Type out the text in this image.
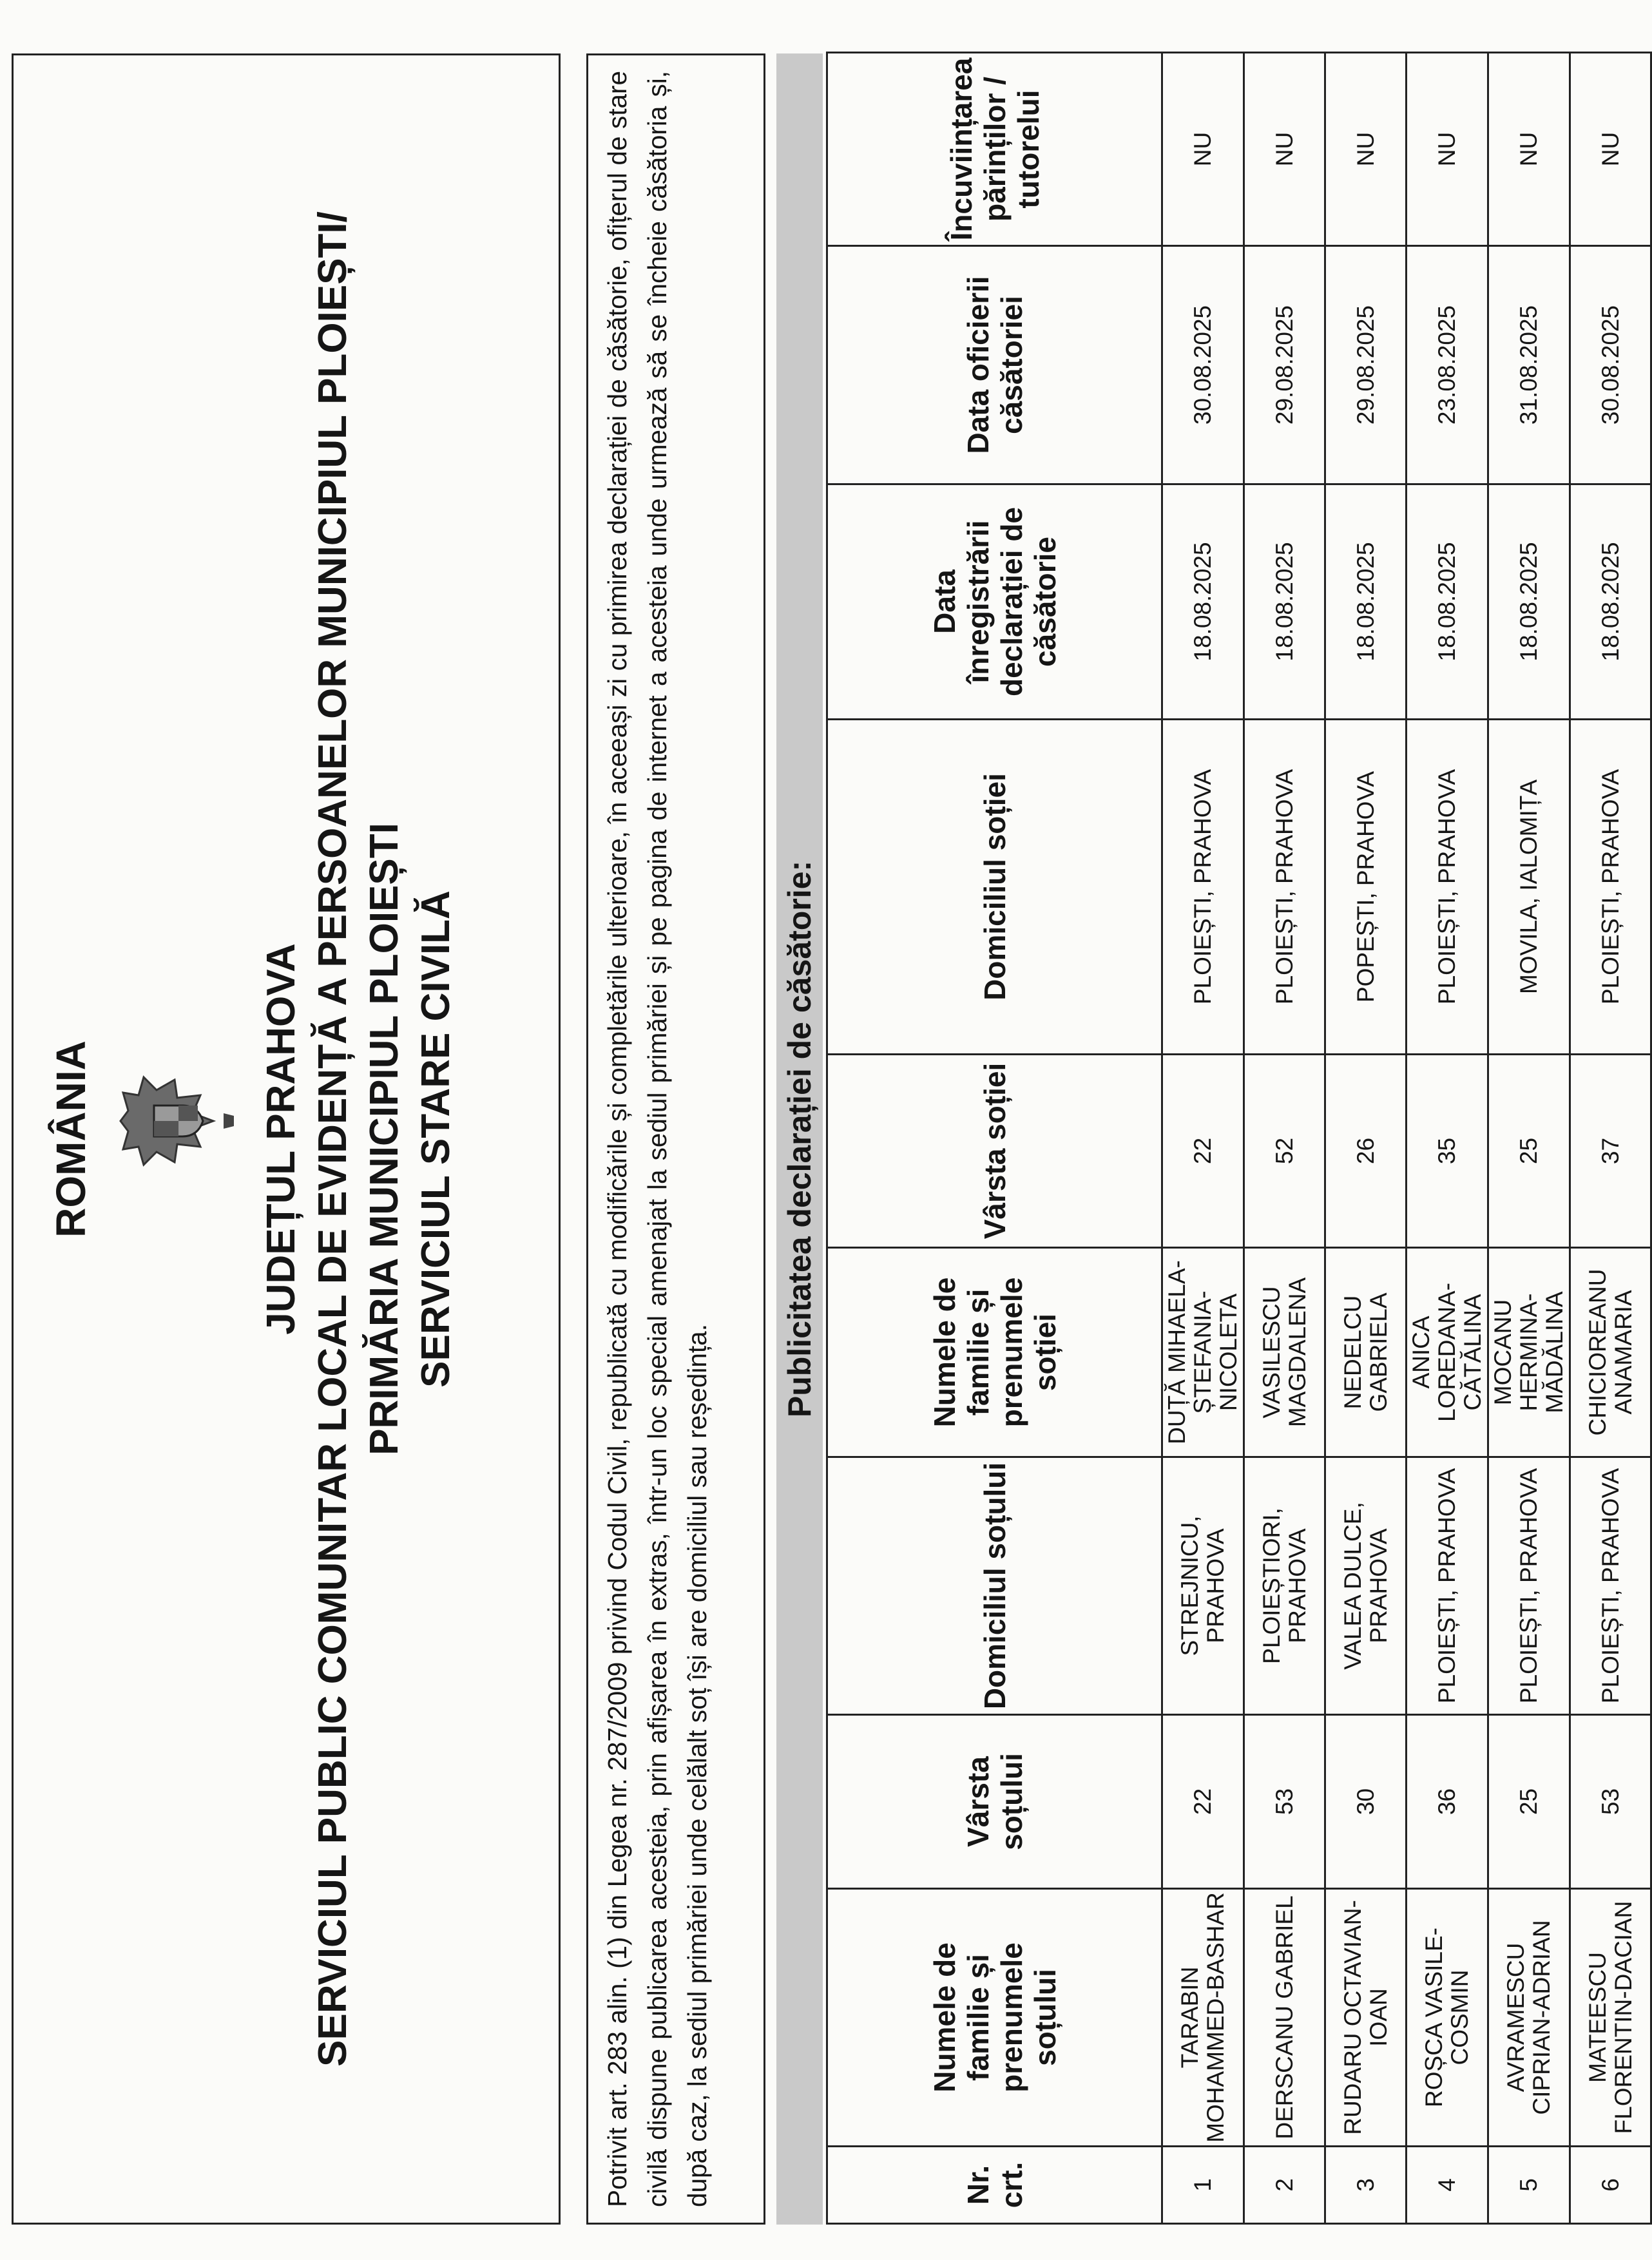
ROMÂNIA	JUDEȚUL PRAHOVA SERVICIUL PUBLIC COMUNITAR LOCAL DE EVIDENȚĂ A PERSOANELOR MUNICIPIUL PLOIEȘTI/ PRIMĂRIA MUNICIPIUL PLOIEȘTI SERVICIUL STARE CIVILĂ	Potrivit art. 283 alin. (1) din Legea nr. 287/2009 privind Codul Civil, republicată cu modificările și completările ulterioare, în aceeași zi cu primirea declarației de căsătorie, ofițerul de stare civilă dispune publicarea acesteia, prin afișarea în extras, într-un loc special amenajat la sediul primăriei și pe pagina de internet a acesteia unde urmează să se încheie căsătoria și, după caz, la sediul primăriei unde celălalt soț își are domiciliul sau reședința.
Publicitatea declarației de căsătorie:
Nr. crt.	Numele de familie și prenumele soțului	Vârsta soțului	Domiciliul soțului	Numele de familie și prenumele soției	Vârsta soției	Domiciliul soției	Data înregistrării declarației de căsătorie	Data oficierii căsătoriei	Încuviințarea părinților / tutorelui
1	TARABIN MOHAMMED-BASHAR	22	STREJNICU, PRAHOVA	DUȚĂ MIHAELA-ȘTEFANIA-NICOLETA	22	PLOIEȘTI, PRAHOVA	18.08.2025	30.08.2025	NU
2	DERSCANU GABRIEL	53	PLOIEȘTIORI, PRAHOVA	VASILESCU MAGDALENA	52	PLOIEȘTI, PRAHOVA	18.08.2025	29.08.2025	NU
3	RUDARU OCTAVIAN-IOAN	30	VALEA DULCE, PRAHOVA	NEDELCU GABRIELA	26	POPEȘTI, PRAHOVA	18.08.2025	29.08.2025	NU
4	ROȘCA VASILE-COSMIN	36	PLOIEȘTI, PRAHOVA	ANICA LOREDANA-CĂTĂLINA	35	PLOIEȘTI, PRAHOVA	18.08.2025	23.08.2025	NU
5	AVRAMESCU CIPRIAN-ADRIAN	25	PLOIEȘTI, PRAHOVA	MOCANU HERMINA-MĂDĂLINA	25	MOVILA, IALOMIȚA	18.08.2025	31.08.2025	NU
6	MATEESCU FLORENTIN-DACIAN	53	PLOIEȘTI, PRAHOVA	CHICIOREANU ANAMARIA	37	PLOIEȘTI, PRAHOVA	18.08.2025	30.08.2025	NU
